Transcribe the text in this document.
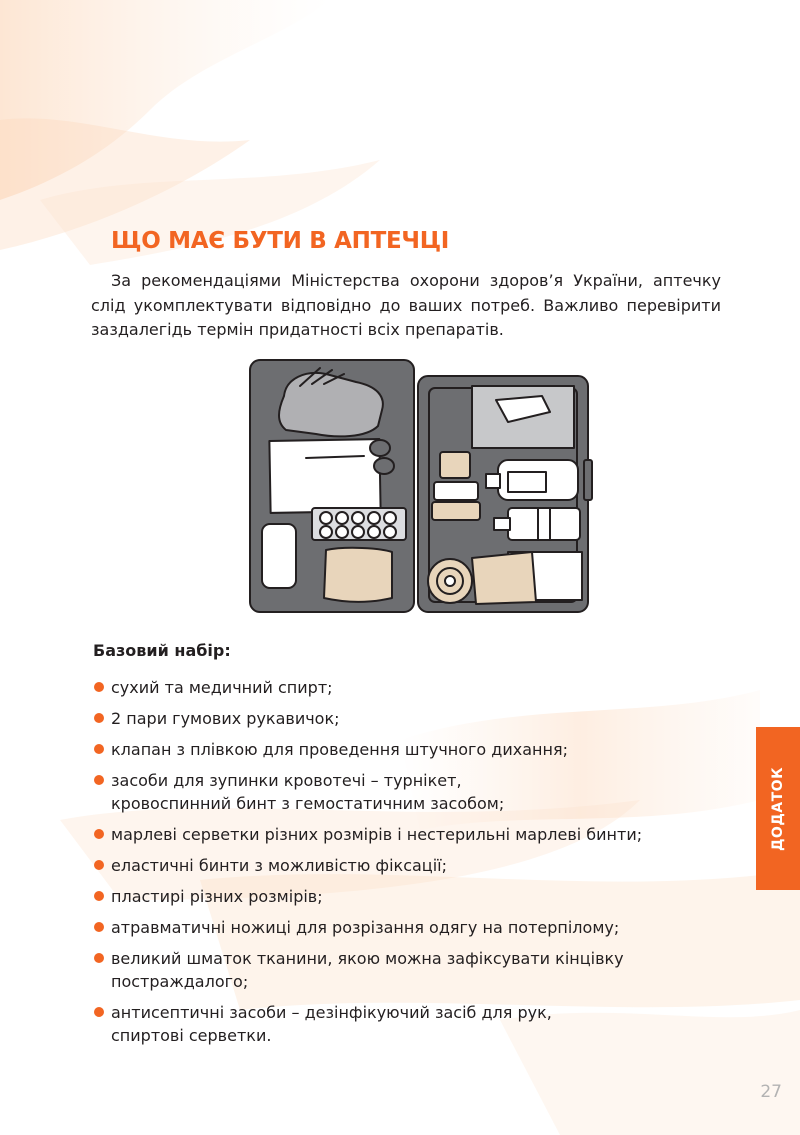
ЩО МАЄ БУТИ В АПТЕЧЦІ

За рекомендаціями Міністерства охорони здоров’я України, аптечку слід укомплектувати відповідно до ваших потреб. Важливо перевірити заздалегідь термін придатності всіх препаратів.

Базовий набір:
сухий та медичний спирт;
2 пари гумових рукавичок;
клапан з плівкою для проведення штучного дихання;
засоби для зупинки кровотечі – турнікет,
кровоспинний бинт з гемостатичним засобом;
марлеві серветки різних розмірів і нестерильні марлеві бинти;
еластичні бинти з можливістю фіксації;
пластирі різних розмірів;
атравматичні ножиці для розрізання одягу на потерпілому;
великий шматок тканини, якою можна зафіксувати кінцівку
постраждалого;
антисептичні засоби – дезінфікуючий засіб для рук,
спиртові серветки.
ДОДАТОК
27
